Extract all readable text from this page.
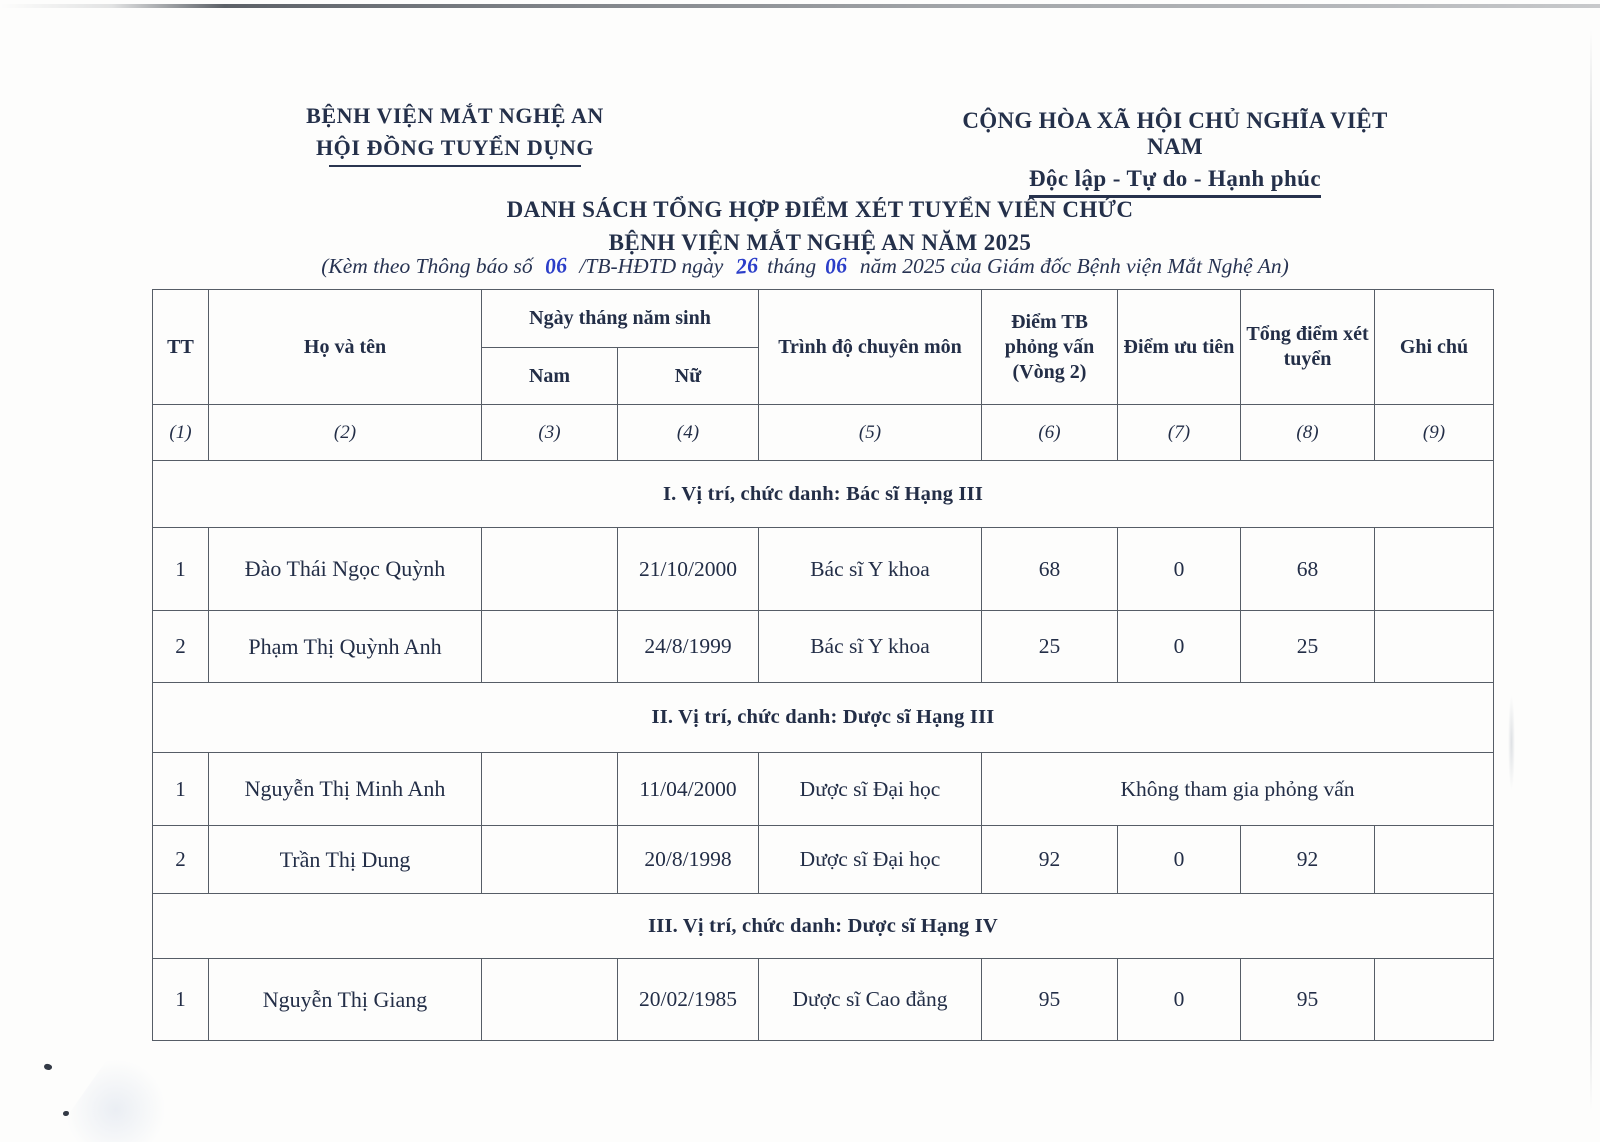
BỆNH VIỆN MẮT NGHỆ AN
HỘI ĐỒNG TUYỂN DỤNG
CỘNG HÒA XÃ HỘI CHỦ NGHĨA VIỆT NAM
Độc lập - Tự do - Hạnh phúc
DANH SÁCH TỔNG HỢP ĐIỂM XÉT TUYỂN VIÊN CHỨC
BỆNH VIỆN MẮT NGHỆ AN NĂM 2025
(Kèm theo Thông báo số 06 /TB-HĐTD ngày 26 tháng 06 năm 2025 của Giám đốc Bệnh viện Mắt Nghệ An)
TT	Họ và tên	Ngày tháng năm sinh		Trình độ chuyên môn	Điểm TB phỏng vấn (Vòng 2)	Điểm ưu tiên	Tổng điểm xét tuyển	Ghi chú
		Nam	Nữ					
(1)	(2)	(3)	(4)	(5)	(6)	(7)	(8)	(9)
I. Vị trí, chức danh: Bác sĩ Hạng III								
1	Đào Thái Ngọc Quỳnh		21/10/2000	Bác sĩ Y khoa	68	0	68	
2	Phạm Thị Quỳnh Anh		24/8/1999	Bác sĩ Y khoa	25	0	25	
II. Vị trí, chức danh: Dược sĩ Hạng III								
1	Nguyễn Thị Minh Anh		11/04/2000	Dược sĩ Đại học	Không tham gia phỏng vấn			
2	Trần Thị Dung		20/8/1998	Dược sĩ Đại học	92	0	92	
III. Vị trí, chức danh: Dược sĩ Hạng IV								
1	Nguyễn Thị Giang		20/02/1985	Dược sĩ Cao đẳng	95	0	95	
